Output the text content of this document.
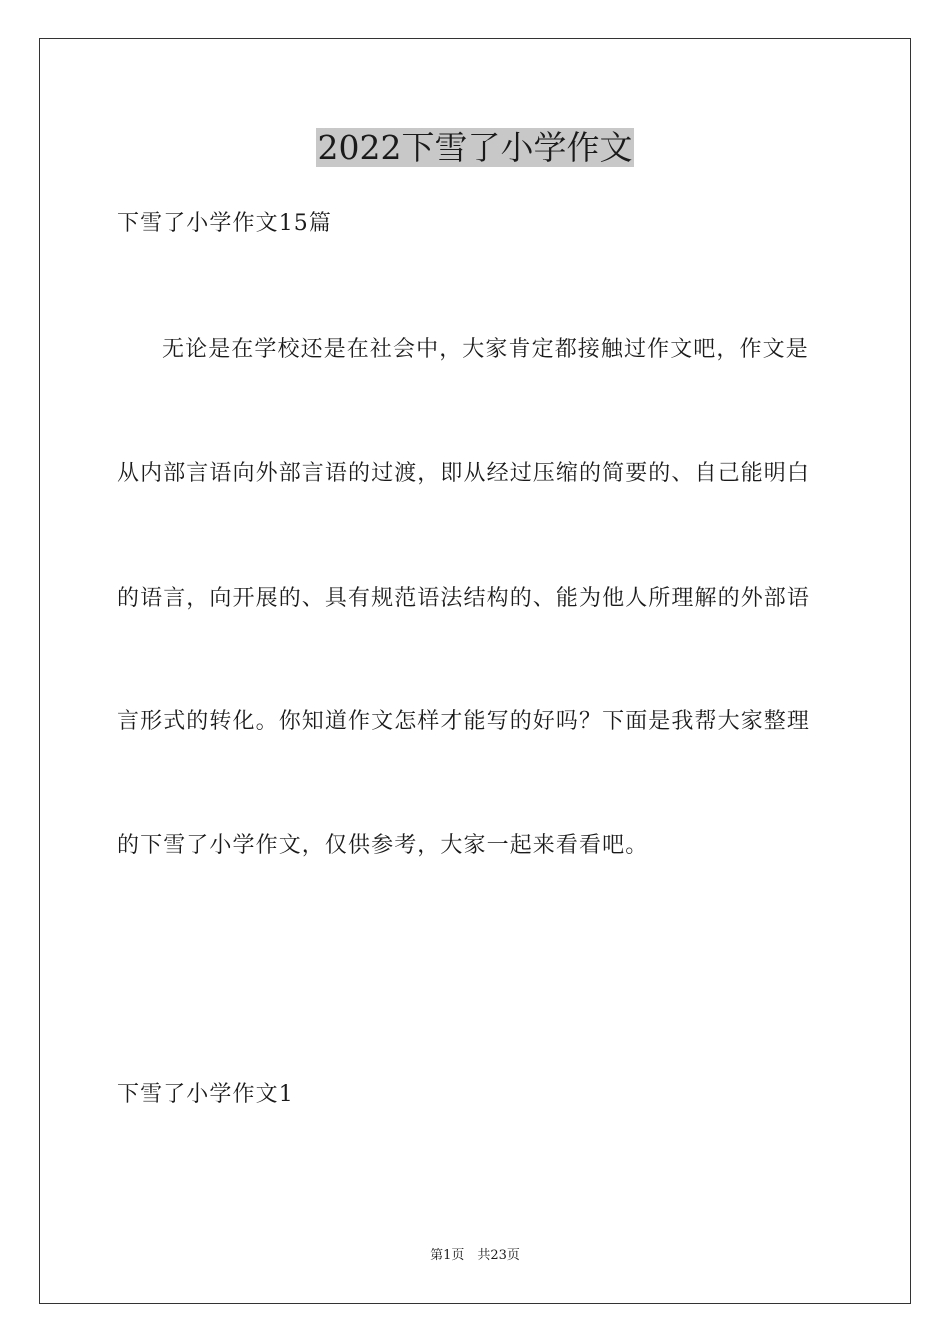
2022下雪了小学作文
下雪了小学作文15篇
无论是在学校还是在社会中，大家肯定都接触过作文吧，作文是
从内部言语向外部言语的过渡，即从经过压缩的简要的、自己能明白
的语言，向开展的、具有规范语法结构的、能为他人所理解的外部语
言形式的转化。你知道作文怎样才能写的好吗？下面是我帮大家整理
的下雪了小学作文，仅供参考，大家一起来看看吧。
下雪了小学作文1
第1页　共23页
